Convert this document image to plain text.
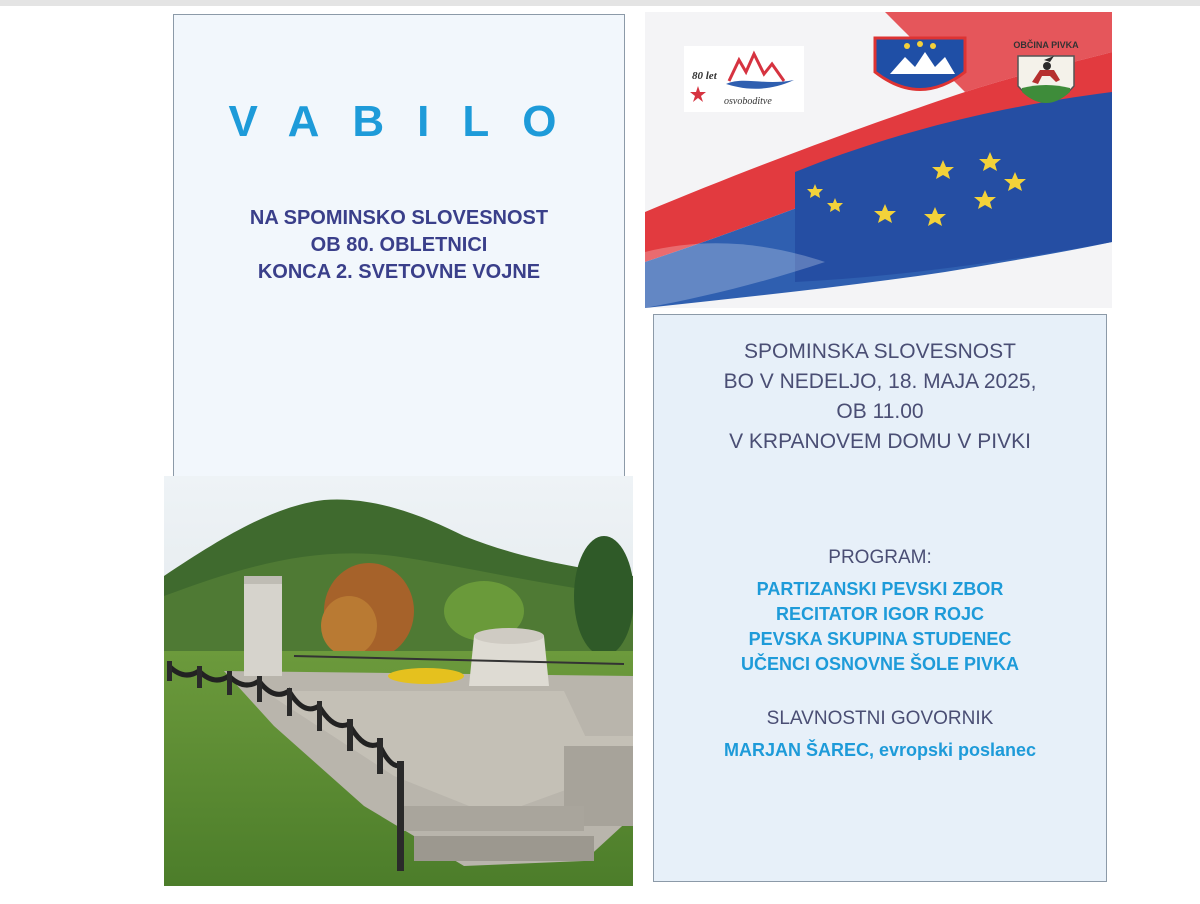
VABILO
NA SPOMINSKO SLOVESNOST
OB 80. OBLETNICI
KONCA 2. SVETOVNE VOJNE
80 let
osvoboditve
OBČINA PIVKA
SPOMINSKA SLOVESNOST
BO V NEDELJO, 18. MAJA 2025,
OB 11.00
V KRPANOVEM DOMU V PIVKI
PROGRAM:
PARTIZANSKI PEVSKI ZBOR
RECITATOR IGOR ROJC
PEVSKA SKUPINA STUDENEC
UČENCI OSNOVNE ŠOLE PIVKA
SLAVNOSTNI GOVORNIK
MARJAN ŠAREC, evropski poslanec
